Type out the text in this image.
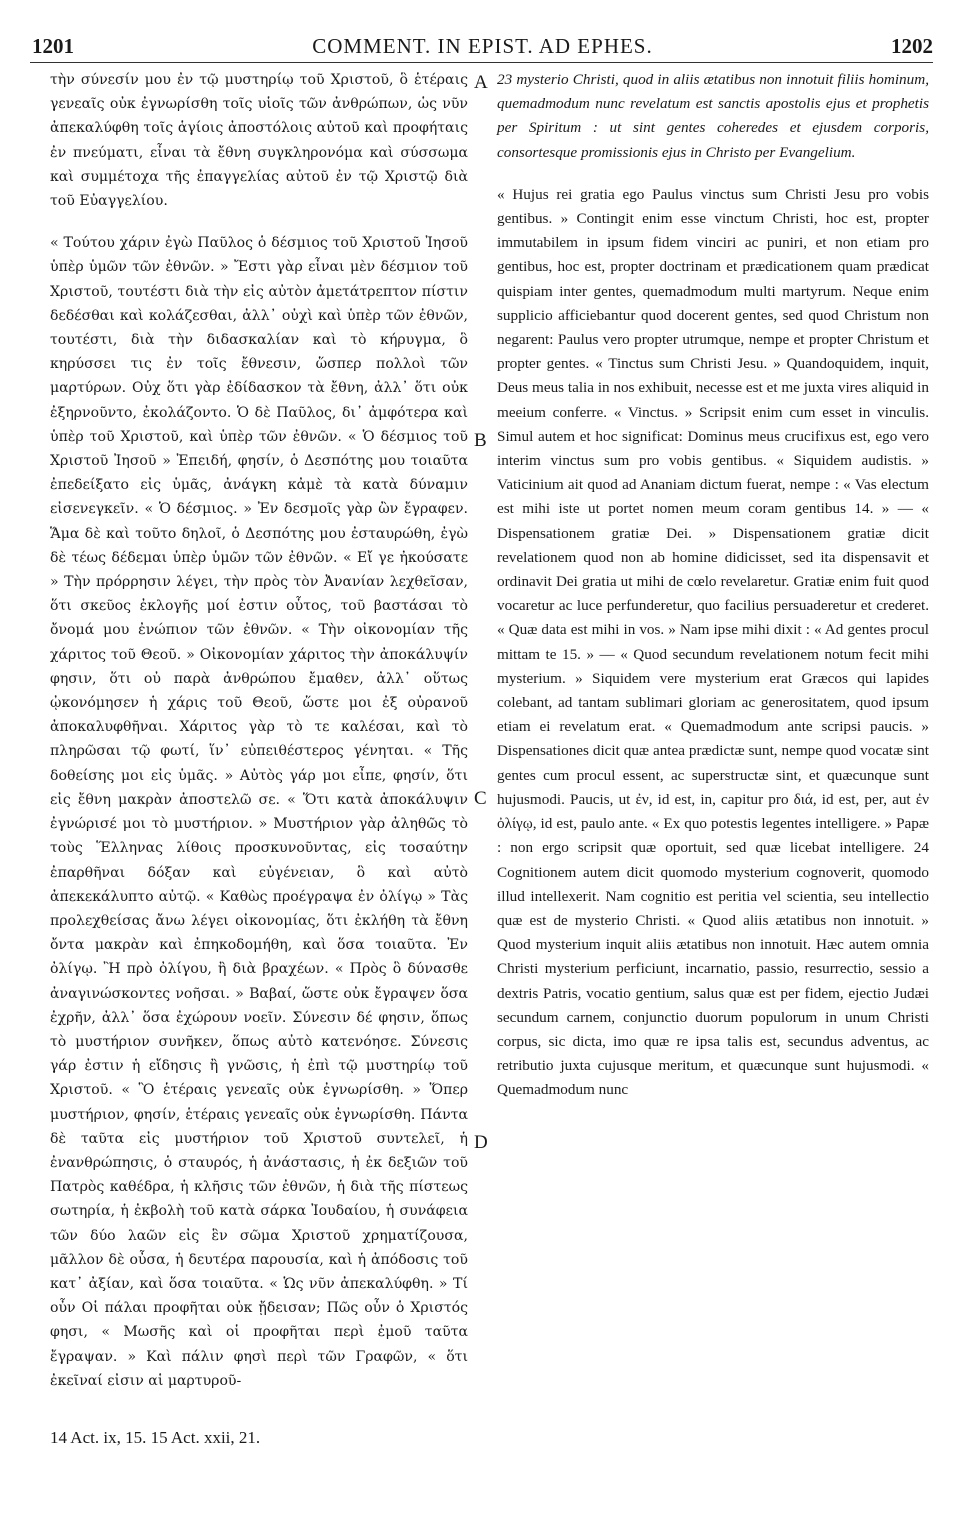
1201	COMMENT. IN EPIST. AD EPHES.	1202

τὴν σύνεσίν μου ἐν τῷ μυστηρίῳ τοῦ Χριστοῦ, ὃ ἑτέραις γενεαῖς οὐκ ἐγνωρίσθη τοῖς υἱοῖς τῶν ἀνθρώπων, ὡς νῦν ἀπεκαλύφθη τοῖς ἁγίοις ἀποστόλοις αὐτοῦ καὶ προφήταις ἐν πνεύματι, εἶναι τὰ ἔθνη συγκληρονόμα καὶ σύσσωμα καὶ συμμέτοχα τῆς ἐπαγγελίας αὐτοῦ ἐν τῷ Χριστῷ διὰ τοῦ Εὐαγγελίου.

« Τούτου χάριν ἐγὼ Παῦλος ὁ δέσμιος τοῦ Χριστοῦ Ἰησοῦ ὑπὲρ ὑμῶν τῶν ἐθνῶν. » Ἔστι γὰρ εἶναι μὲν δέσμιον τοῦ Χριστοῦ, τουτέστι διὰ τὴν εἰς αὐτὸν ἀμετάτρεπτον πίστιν δεδέσθαι καὶ κολάζεσθαι, ἀλλ᾽ οὐχὶ καὶ ὑπὲρ τῶν ἐθνῶν, τουτέστι, διὰ τὴν διδασκαλίαν καὶ τὸ κήρυγμα, ὃ κηρύσσει τις ἐν τοῖς ἔθνεσιν, ὥσπερ πολλοὶ τῶν μαρτύρων. Οὐχ ὅτι γὰρ ἐδίδασκον τὰ ἔθνη, ἀλλ᾽ ὅτι οὐκ ἐξηρνοῦντο, ἐκολάζοντο. Ὁ δὲ Παῦλος, δι᾽ ἀμφότερα καὶ ὑπὲρ τοῦ Χριστοῦ, καὶ ὑπὲρ τῶν ἐθνῶν. « Ὁ δέσμιος τοῦ Χριστοῦ Ἰησοῦ » Ἐπειδή, φησίν, ὁ Δεσπότης μου τοιαῦτα ἐπεδείξατο εἰς ὑμᾶς, ἀνάγκη κἀμὲ τὰ κατὰ δύναμιν εἰσενεγκεῖν. « Ὁ δέσμιος. » Ἐν δεσμοῖς γὰρ ὢν ἔγραφεν. Ἅμα δὲ καὶ τοῦτο δηλοῖ, ὁ Δεσπότης μου ἐσταυρώθη, ἐγὼ δὲ τέως δέδεμαι ὑπὲρ ὑμῶν τῶν ἐθνῶν. « Εἴ γε ἠκούσατε » Τὴν πρόρρησιν λέγει, τὴν πρὸς τὸν Ἀνανίαν λεχθεῖσαν, ὅτι σκεῦος ἐκλογῆς μοί ἐστιν οὗτος, τοῦ βαστάσαι τὸ ὄνομά μου ἐνώπιον τῶν ἐθνῶν. « Τὴν οἰκονομίαν τῆς χάριτος τοῦ Θεοῦ. » Οἰκονομίαν χάριτος τὴν ἀποκάλυψίν φησιν, ὅτι οὐ παρὰ ἀνθρώπου ἔμαθεν, ἀλλ᾽ οὕτως ᾠκονόμησεν ἡ χάρις τοῦ Θεοῦ, ὥστε μοι ἐξ οὐρανοῦ ἀποκαλυφθῆναι. Χάριτος γὰρ τὸ τε καλέσαι, καὶ τὸ πληρῶσαι τῷ φωτί, ἵν᾽ εὐπειθέστερος γένηται. « Τῆς δοθείσης μοι εἰς ὑμᾶς. » Αὐτὸς γάρ μοι εἶπε, φησίν, ὅτι εἰς ἔθνη μακρὰν ἀποστελῶ σε. « Ὅτι κατὰ ἀποκάλυψιν ἐγνώρισέ μοι τὸ μυστήριον. » Μυστήριον γὰρ ἀληθῶς τὸ τοὺς Ἕλληνας λίθοις προσκυνοῦντας, εἰς τοσαύτην ἐπαρθῆναι δόξαν καὶ εὐγένειαν, ὃ καὶ αὐτὸ ἀπεκεκάλυπτο αὐτῷ. « Καθὼς προέγραψα ἐν ὀλίγῳ » Τὰς προλεχθείσας ἄνω λέγει οἰκονομίας, ὅτι ἐκλήθη τὰ ἔθνη ὄντα μακρὰν καὶ ἐπηκοδομήθη, καὶ ὅσα τοιαῦτα. Ἐν ὀλίγῳ. Ἢ πρὸ ὀλίγου, ἢ διὰ βραχέων. « Πρὸς ὃ δύνασθε ἀναγινώσκοντες νοῆσαι. » Βαβαί, ὥστε οὐκ ἔγραψεν ὅσα ἐχρῆν, ἀλλ᾽ ὅσα ἐχώρουν νοεῖν. Σύνεσιν δέ φησιν, ὅπως τὸ μυστήριον συνῆκεν, ὅπως αὐτὸ κατενόησε. Σύνεσις γάρ ἐστιν ἡ εἴδησις ἢ γνῶσις, ἡ ἐπὶ τῷ μυστηρίῳ τοῦ Χριστοῦ. « Ὃ ἑτέραις γενεαῖς οὐκ ἐγνωρίσθη. » Ὅπερ μυστήριον, φησίν, ἑτέραις γενεαῖς οὐκ ἐγνωρίσθη. Πάντα δὲ ταῦτα εἰς μυστήριον τοῦ Χριστοῦ συντελεῖ, ἡ ἐνανθρώπησις, ὁ σταυρός, ἡ ἀνάστασις, ἡ ἐκ δεξιῶν τοῦ Πατρὸς καθέδρα, ἡ κλῆσις τῶν ἐθνῶν, ἡ διὰ τῆς πίστεως σωτηρία, ἡ ἐκβολὴ τοῦ κατὰ σάρκα Ἰουδαίου, ἡ συνάφεια τῶν δύο λαῶν εἰς ἓν σῶμα Χριστοῦ χρηματίζουσα, μᾶλλον δὲ οὖσα, ἡ δευτέρα παρουσία, καὶ ἡ ἀπόδοσις τοῦ κατ᾽ ἀξίαν, καὶ ὅσα τοιαῦτα. « Ὡς νῦν ἀπεκαλύφθη. » Τί οὖν Οἱ πάλαι προφῆται οὐκ ᾔδεισαν; Πῶς οὖν ὁ Χριστός φησι, « Μωσῆς καὶ οἱ προφῆται περὶ ἐμοῦ ταῦτα ἔγραψαν. » Καὶ πάλιν φησὶ περὶ τῶν Γραφῶν, « ὅτι ἐκεῖναί εἰσιν αἱ μαρτυροῦ-

23 mysterio Christi, quod in aliis ætatibus non innotuit filiis hominum, quemadmodum nunc revelatum est sanctis apostolis ejus et prophetis per Spiritum : ut sint gentes coheredes et ejusdem corporis, consortesque promissionis ejus in Christo per Evangelium.

« Hujus rei gratia ego Paulus vinctus sum Christi Jesu pro vobis gentibus. » Contingit enim esse vinctum Christi, hoc est, propter immutabilem in ipsum fidem vinciri ac puniri, et non etiam pro gentibus, hoc est, propter doctrinam et prædicationem quam prædicat quispiam inter gentes, quemadmodum multi martyrum. Neque enim supplicio afficiebantur quod docerent gentes, sed quod Christum non negarent: Paulus vero propter utrumque, nempe et propter Christum et propter gentes. « Tinctus sum Christi Jesu. » Quandoquidem, inquit, Deus meus talia in nos exhibuit, necesse est et me juxta vires aliquid in meeium conferre. « Vinctus. » Scripsit enim cum esset in vinculis. Simul autem et hoc significat: Dominus meus crucifixus est, ego vero interim vinctus sum pro vobis gentibus. « Siquidem audistis. » Vaticinium ait quod ad Ananiam dictum fuerat, nempe : « Vas electum est mihi iste ut portet nomen meum coram gentibus 14. » — « Dispensationem gratiæ Dei. » Dispensationem gratiæ dicit revelationem quod non ab homine didicisset, sed ita dispensavit et ordinavit Dei gratia ut mihi de cœlo revelaretur. Gratiæ enim fuit quod vocaretur ac luce perfunderetur, quo facilius persuaderetur et crederet. « Quæ data est mihi in vos. » Nam ipse mihi dixit : « Ad gentes procul mittam te 15. » — « Quod secundum revelationem notum fecit mihi mysterium. » Siquidem vere mysterium erat Græcos qui lapides colebant, ad tantam sublimari gloriam ac generositatem, quod ipsum etiam ei revelatum erat. « Quemadmodum ante scripsi paucis. » Dispensationes dicit quæ antea prædictæ sunt, nempe quod vocatæ sint gentes cum procul essent, ac superstructæ sint, et quæcunque sunt hujusmodi. Paucis, ut ἐν, id est, in, capitur pro διά, id est, per, aut ἐν ὀλίγῳ, id est, paulo ante. « Ex quo potestis legentes intelligere. » Papæ : non ergo scripsit quæ oportuit, sed quæ licebat intelligere. 24 Cognitionem autem dicit quomodo mysterium cognoverit, quomodo illud intellexerit. Nam cognitio est peritia vel scientia, seu intellectio quæ est de mysterio Christi. « Quod aliis ætatibus non innotuit. » Quod mysterium inquit aliis ætatibus non innotuit. Hæc autem omnia Christi mysterium perficiunt, incarnatio, passio, resurrectio, sessio a dextris Patris, vocatio gentium, salus quæ est per fidem, ejectio Judæi secundum carnem, conjunctio duorum populorum in unum Christi corpus, sic dicta, imo quæ re ipsa talis est, secundus adventus, ac retributio juxta cujusque meritum, et quæcunque sunt hujusmodi. « Quemadmodum nunc

A
B
C
D
14 Act. ix, 15. 15 Act. xxii, 21.
